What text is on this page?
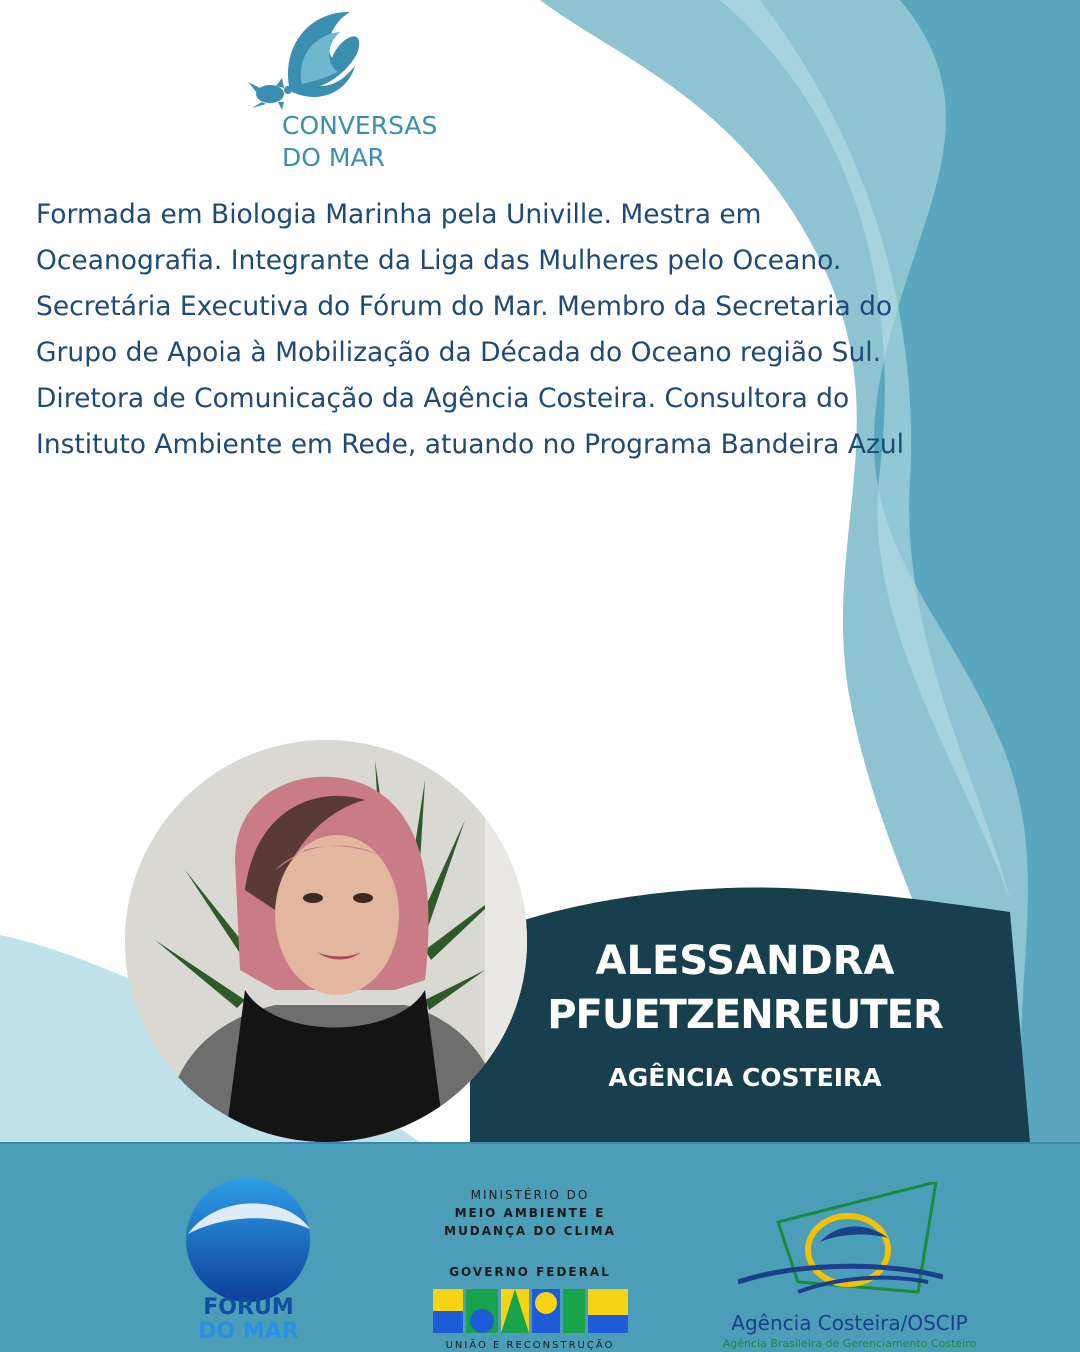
CONVERSAS
DO MAR

Formada em Biologia Marinha pela Univille. Mestra em Oceanografia. Integrante da Liga das Mulheres pelo Oceano. Secretária Executiva do Fórum do Mar. Membro da Secretaria do Grupo de Apoia à Mobilização da Década do Oceano região Sul. Diretora de Comunicação da Agência Costeira. Consultora do Instituto Ambiente em Rede, atuando no Programa Bandeira Azul

ALESSANDRA
PFUETZENREUTER
AGÊNCIA COSTEIRA
FÓRUM
DO MAR
MINISTÉRIO DO
MEIO AMBIENTE E
MUDANÇA DO CLIMA
GOVERNO FEDERAL
UNIÃO E RECONSTRUÇÃO
Agência Costeira/OSCIP
Agência Brasileira de Gerenciamento Costeiro
